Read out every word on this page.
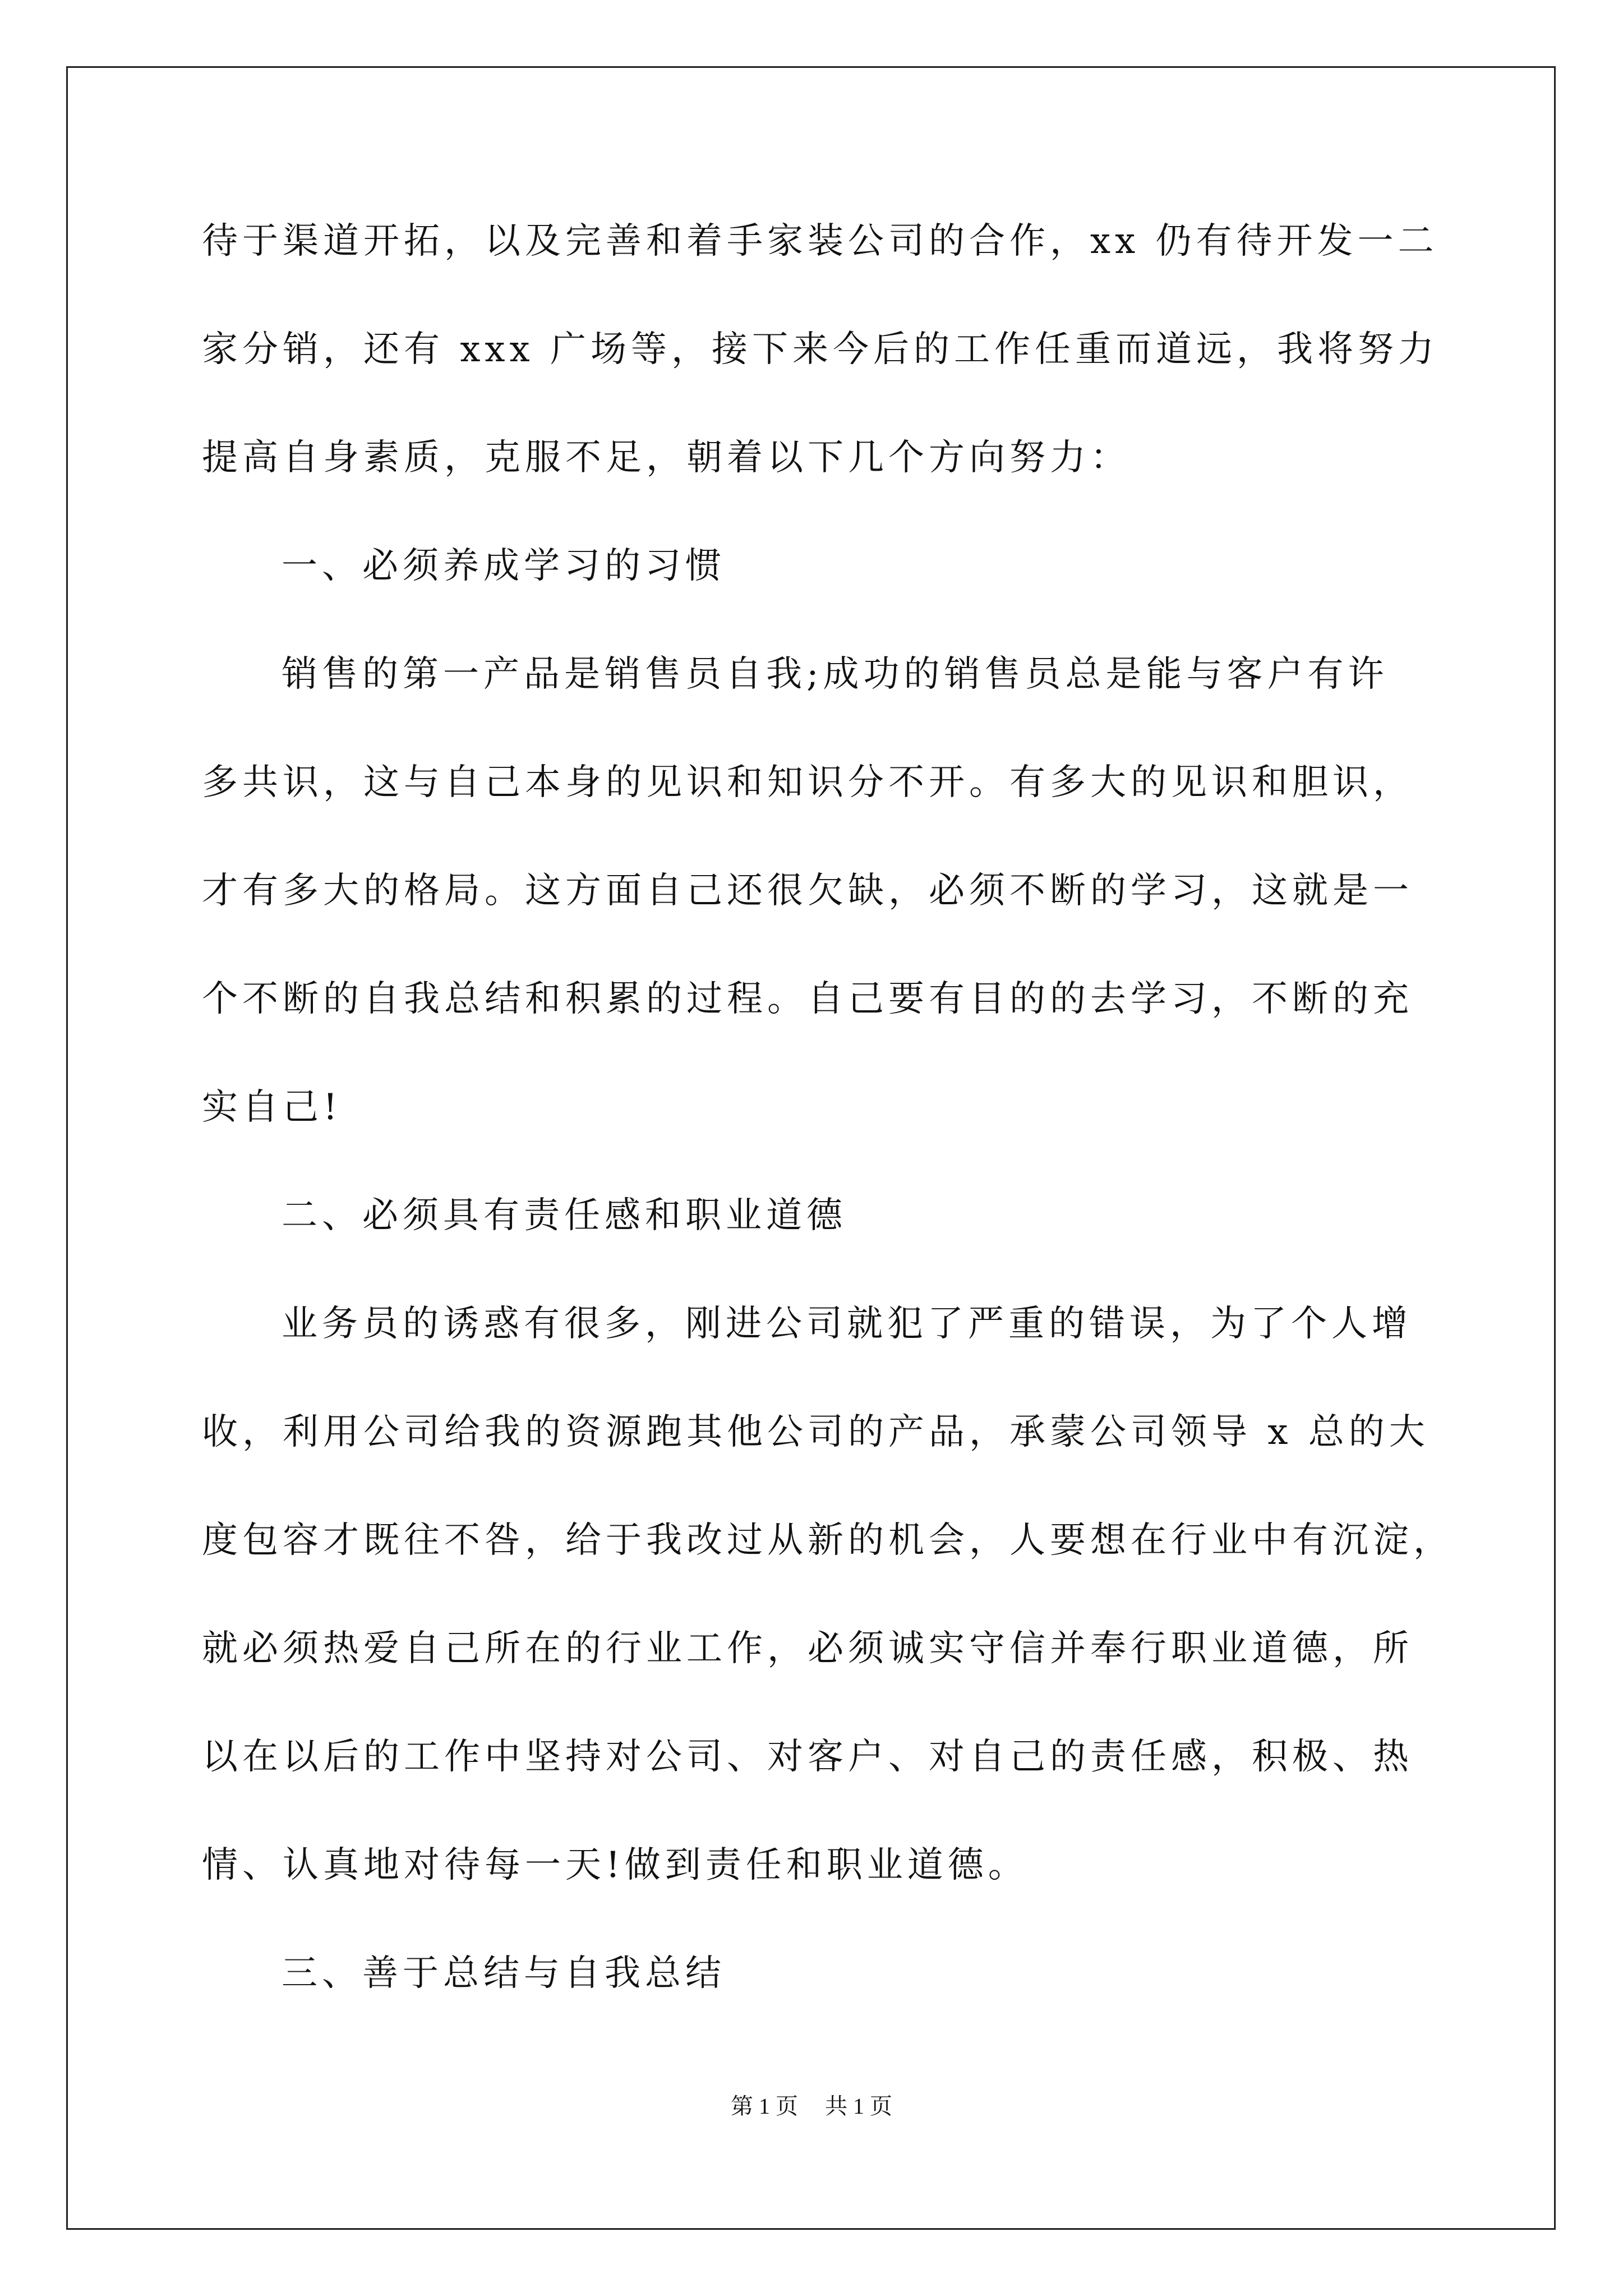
待于渠道开拓，以及完善和着手家装公司的合作，xx 仍有待开发一二
家分销，还有 xxx 广场等，接下来今后的工作任重而道远，我将努力
提高自身素质，克服不足，朝着以下几个方向努力：
一、必须养成学习的习惯
销售的第一产品是销售员自我;成功的销售员总是能与客户有许
多共识，这与自己本身的见识和知识分不开。有多大的见识和胆识，
才有多大的格局。这方面自己还很欠缺，必须不断的学习，这就是一
个不断的自我总结和积累的过程。自己要有目的的去学习，不断的充
实自己!
二、必须具有责任感和职业道德
业务员的诱惑有很多，刚进公司就犯了严重的错误，为了个人增
收，利用公司给我的资源跑其他公司的产品，承蒙公司领导 x 总的大
度包容才既往不咎，给于我改过从新的机会，人要想在行业中有沉淀，
就必须热爱自己所在的行业工作，必须诚实守信并奉行职业道德，所
以在以后的工作中坚持对公司、对客户、对自己的责任感，积极、热
情、认真地对待每一天!做到责任和职业道德。
三、善于总结与自我总结
第 1 页 共 1 页
